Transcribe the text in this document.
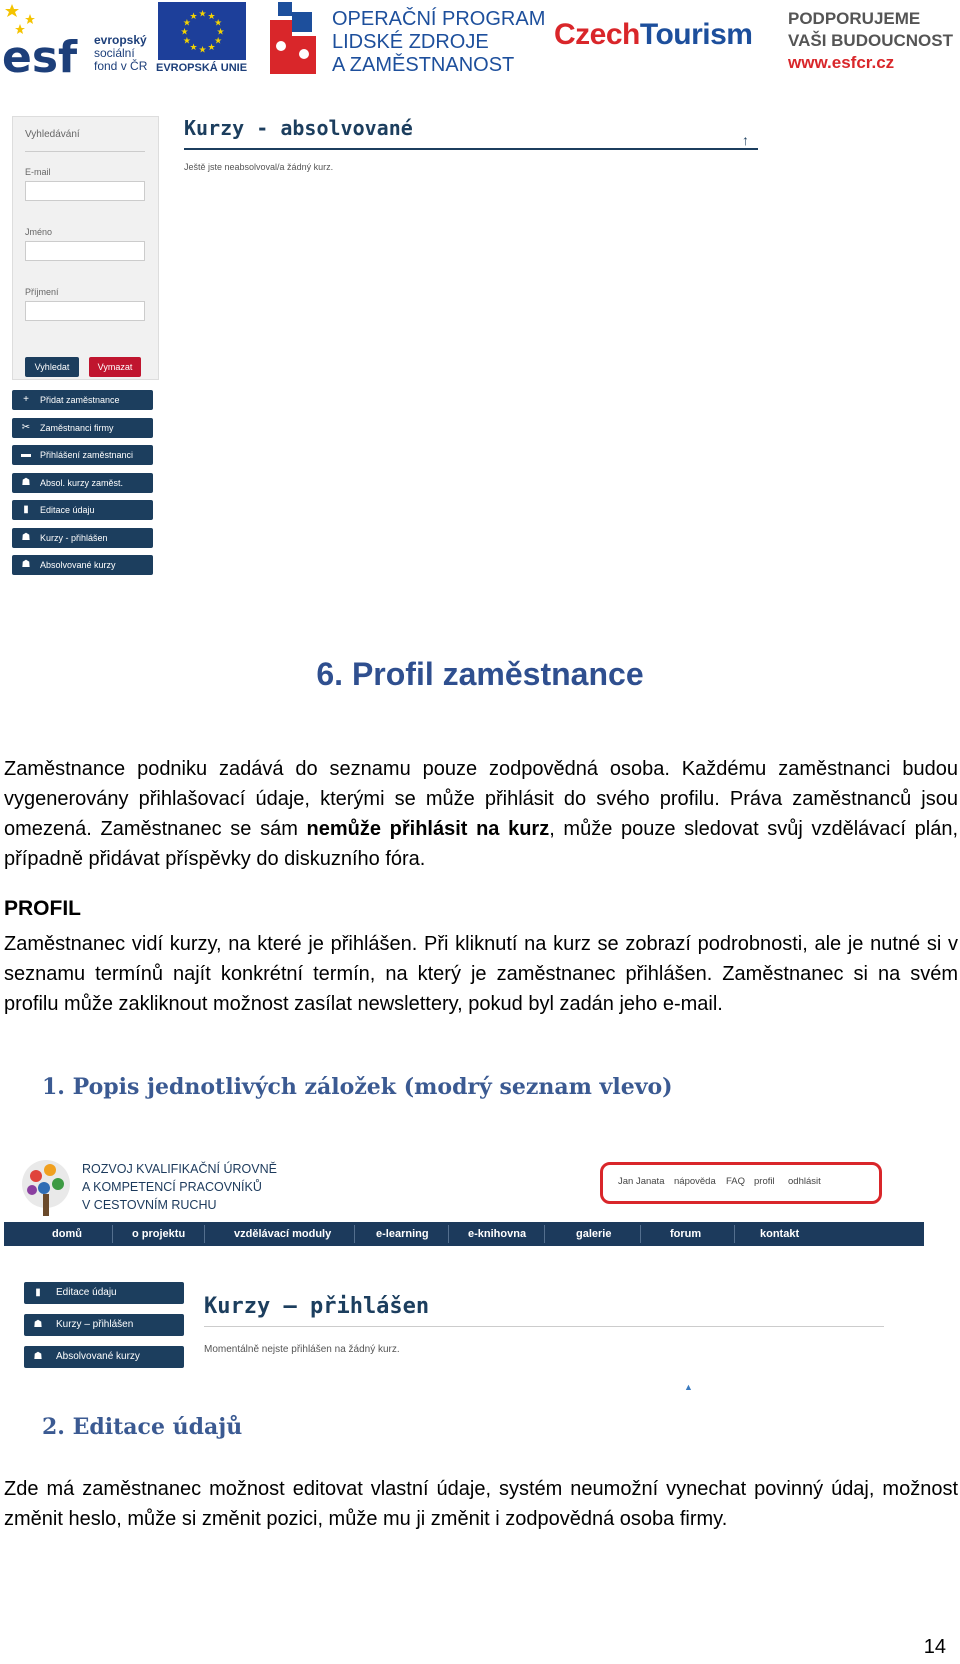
esf evropský
sociální
fond v ČR
★
★
★
★
★
★
★
★
★ ★ ★
★
EVROPSKÁ UNIE
OPERAČNÍ PROGRAM
LIDSKÉ ZDROJE
A ZAMĚSTNANOST
CzechTourism PODPORUJEME
VAŠI BUDOUCNOST
www.esfcr.cz
Vyhledávání
E-mail
Jméno
Příjmení
Vyhledat	Vymazat
+	Přidat zaměstnance
✂ Zaměstnanci firmy
▬ Přihlášení zaměstnanci
☗ Absol. kurzy zaměst.
▮	Editace údaju
☗ Kurzy - přihlášen
☗ Absolvované kurzy
Kurzy - absolvované	↑
Ještě jste neabsolvoval/a žádný kurz.
6. Profil zaměstnance
Zaměstnance podniku zadává do seznamu pouze zodpovědná osoba. Každému zaměstnanci budou vygenerovány přihlašovací údaje, kterými se může přihlásit do svého profilu. Práva zaměstnanců jsou omezená. Zaměstnanec se sám nemůže přihlásit na kurz, může pouze sledovat svůj vzdělávací plán, případně přidávat příspěvky do diskuzního fóra.
PROFIL
Zaměstnanec vidí kurzy, na které je přihlášen. Při kliknutí na kurz se zobrazí podrobnosti, ale je nutné si v seznamu termínů najít konkrétní termín, na který je zaměstnanec přihlášen. Zaměstnanec si na svém profilu může zakliknout možnost zasílat newslettery, pokud byl zadán jeho e-mail.
1. Popis jednotlivých záložek (modrý seznam vlevo)
ROZVOJ KVALIFIKAČNÍ ÚROVNĚ
A KOMPETENCÍ PRACOVNÍKŮ
V CESTOVNÍM RUCHU
Jan Janata	nápověda FAQ profil odhlásit
domů	o projektu	vzdělávací moduly	e-learning	e-knihovna	galerie	forum	kontakt
▮	Editace údaju
☗ Kurzy – přihlášen
☗ Absolvované kurzy
Kurzy – přihlášen
Momentálně nejste přihlášen na žádný kurz.
▲
2. Editace údajů
Zde má zaměstnanec možnost editovat vlastní údaje, systém neumožní vynechat povinný údaj, možnost změnit heslo, může si změnit pozici, může mu ji změnit i zodpovědná osoba firmy.
14
